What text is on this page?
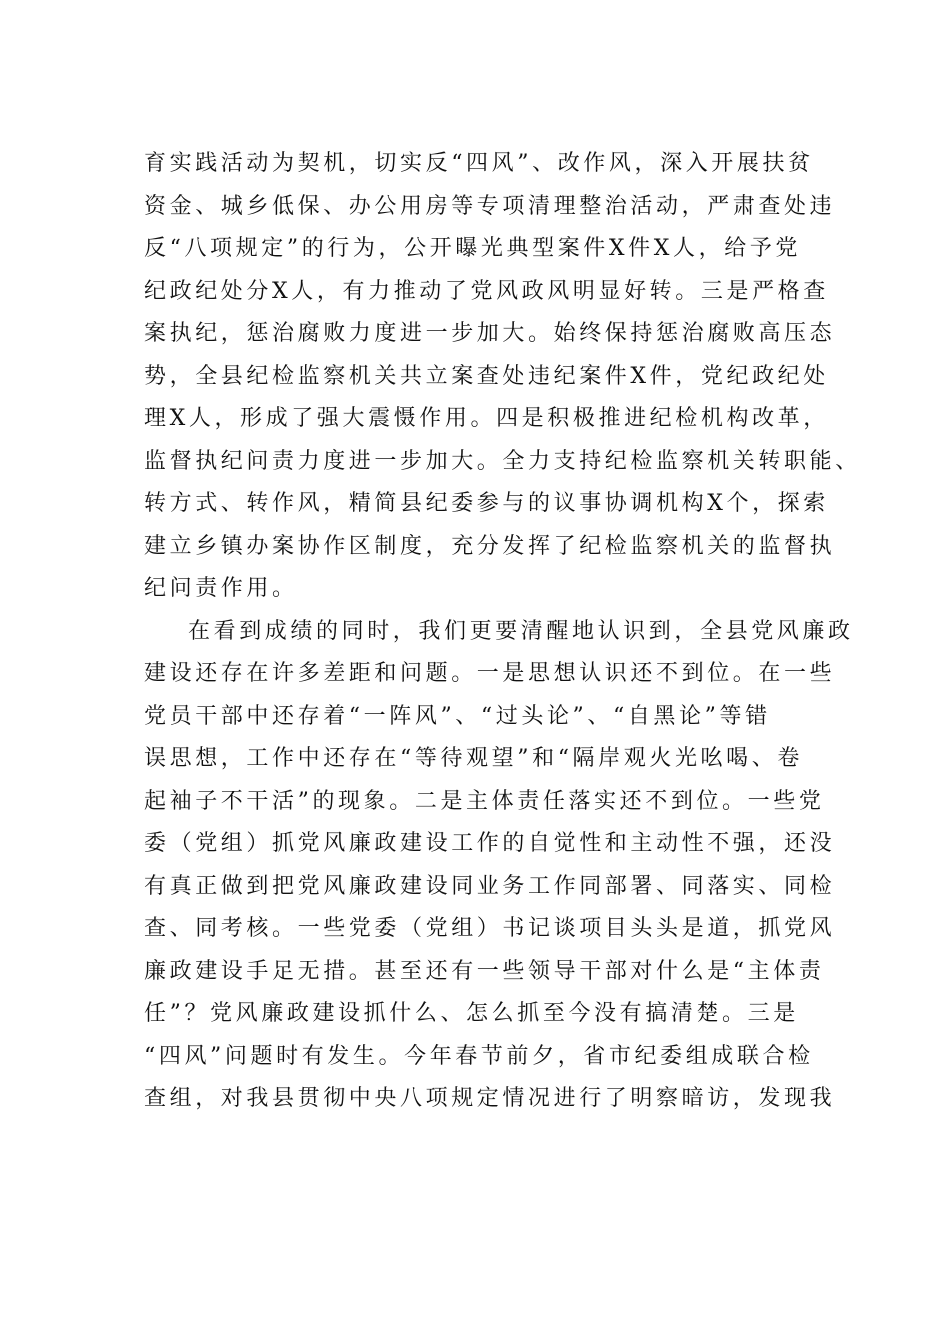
育实践活动为契机，切实反“四风”、改作风，深入开展扶贫
资金、城乡低保、办公用房等专项清理整治活动，严肃查处违
反“八项规定”的行为，公开曝光典型案件X件X人，给予党
纪政纪处分X人，有力推动了党风政风明显好转。三是严格查
案执纪，惩治腐败力度进一步加大。始终保持惩治腐败高压态
势，全县纪检监察机关共立案查处违纪案件X件，党纪政纪处
理X人，形成了强大震慑作用。四是积极推进纪检机构改革，
监督执纪问责力度进一步加大。全力支持纪检监察机关转职能、
转方式、转作风，精简县纪委参与的议事协调机构X个，探索
建立乡镇办案协作区制度，充分发挥了纪检监察机关的监督执
纪问责作用。
在看到成绩的同时，我们更要清醒地认识到，全县党风廉政
建设还存在许多差距和问题。一是思想认识还不到位。在一些
党员干部中还存着“一阵风”、“过头论”、“自黑论”等错
误思想，工作中还存在“等待观望”和“隔岸观火光吆喝、卷
起袖子不干活”的现象。二是主体责任落实还不到位。一些党
委（党组）抓党风廉政建设工作的自觉性和主动性不强，还没
有真正做到把党风廉政建设同业务工作同部署、同落实、同检
查、同考核。一些党委（党组）书记谈项目头头是道，抓党风
廉政建设手足无措。甚至还有一些领导干部对什么是“主体责
任”？党风廉政建设抓什么、怎么抓至今没有搞清楚。三是
“四风”问题时有发生。今年春节前夕，省市纪委组成联合检
查组，对我县贯彻中央八项规定情况进行了明察暗访，发现我
